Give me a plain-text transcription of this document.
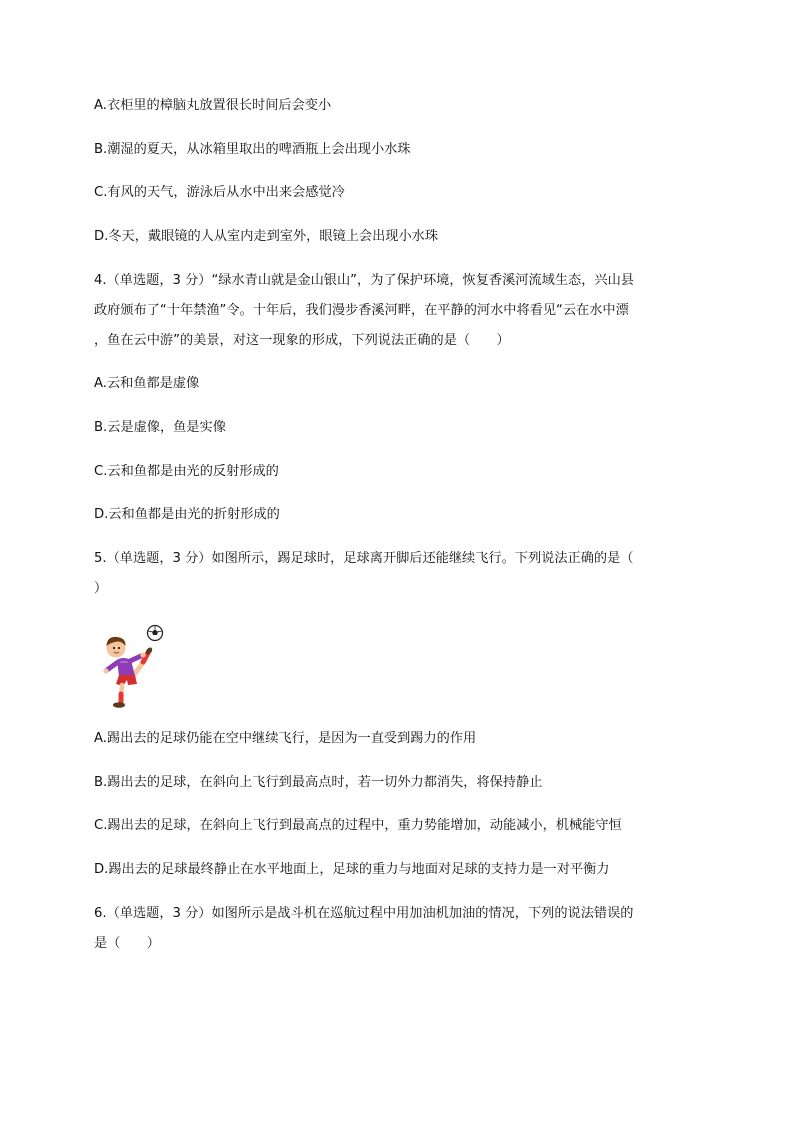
A.衣柜里的樟脑丸放置很长时间后会变小
B.潮湿的夏天，从冰箱里取出的啤酒瓶上会出现小水珠
C.有风的天气，游泳后从水中出来会感觉冷
D.冬天，戴眼镜的人从室内走到室外，眼镜上会出现小水珠
4.（单选题，3 分）“绿水青山就是金山银山”，为了保护环境，恢复香溪河流域生态，兴山县
政府颁布了“十年禁渔”令。十年后，我们漫步香溪河畔，在平静的河水中将看见“云在水中漂
，鱼在云中游”的美景，对这一现象的形成，下列说法正确的是（　　）
A.云和鱼都是虚像
B.云是虚像，鱼是实像
C.云和鱼都是由光的反射形成的
D.云和鱼都是由光的折射形成的
5.（单选题，3 分）如图所示，踢足球时，足球离开脚后还能继续飞行。下列说法正确的是（
）
A.踢出去的足球仍能在空中继续飞行，是因为一直受到踢力的作用
B.踢出去的足球，在斜向上飞行到最高点时，若一切外力都消失，将保持静止
C.踢出去的足球，在斜向上飞行到最高点的过程中，重力势能增加，动能减小，机械能守恒
D.踢出去的足球最终静止在水平地面上，足球的重力与地面对足球的支持力是一对平衡力
6.（单选题，3 分）如图所示是战斗机在巡航过程中用加油机加油的情况，下列的说法错误的
是（　　）
